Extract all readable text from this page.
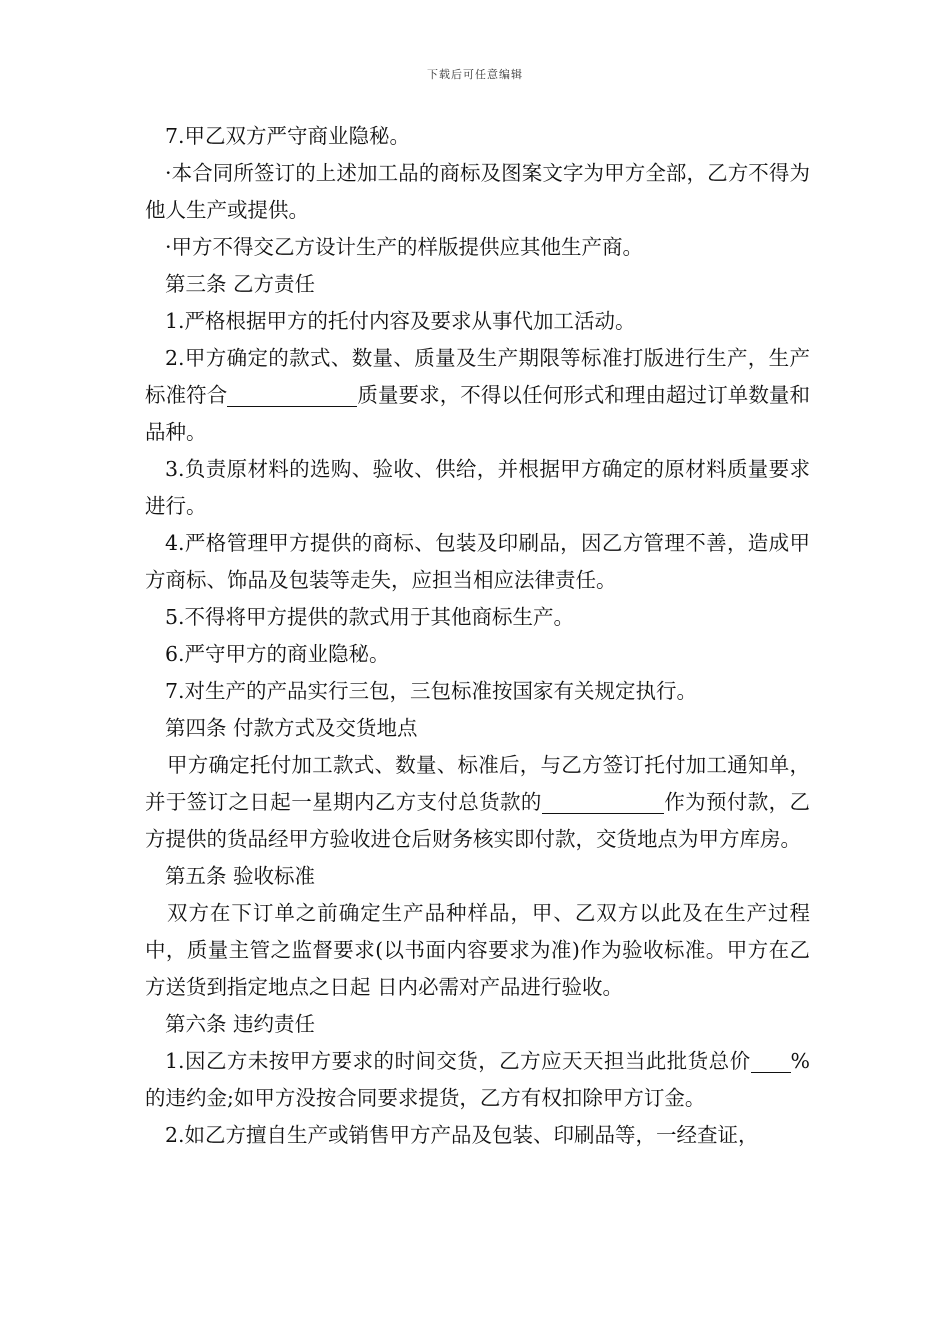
下载后可任意编辑

7.甲乙双方严守商业隐秘。

·本合同所签订的上述加工品的商标及图案文字为甲方全部，乙方不得为他人生产或提供。

·甲方不得交乙方设计生产的样版提供应其他生产商。

第三条 乙方责任

1.严格根据甲方的托付内容及要求从事代加工活动。

2.甲方确定的款式、数量、质量及生产期限等标准打版进行生产，生产标准符合	质量要求，不得以任何形式和理由超过订单数量和品种。

3.负责原材料的选购、验收、供给，并根据甲方确定的原材料质量要求进行。

4.严格管理甲方提供的商标、包装及印刷品，因乙方管理不善，造成甲方商标、饰品及包装等走失，应担当相应法律责任。

5.不得将甲方提供的款式用于其他商标生产。

6.严守甲方的商业隐秘。

7.对生产的产品实行三包，三包标准按国家有关规定执行。

第四条 付款方式及交货地点

甲方确定托付加工款式、数量、标准后，与乙方签订托付加工通知单，并于签订之日起一星期内乙方支付总货款的	作为预付款，乙方提供的货品经甲方验收进仓后财务核实即付款，交货地点为甲方库房。

第五条 验收标准

双方在下订单之前确定生产品种样品，甲、乙双方以此及在生产过程中，质量主管之监督要求(以书面内容要求为准)作为验收标准。甲方在乙方送货到指定地点之日起 日内必需对产品进行验收。

第六条 违约责任

1.因乙方未按甲方要求的时间交货，乙方应天天担当此批货总价 %的违约金;如甲方没按合同要求提货，乙方有权扣除甲方订金。

2.如乙方擅自生产或销售甲方产品及包装、印刷品等，一经查证，
